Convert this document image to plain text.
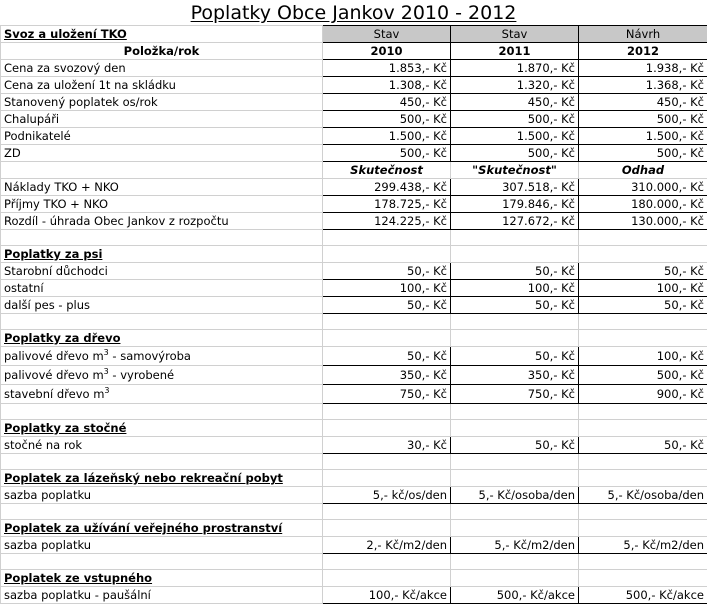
Poplatky Obce Jankov 2010 - 2012
Svoz a uložení TKO	Stav	Stav	Návrh
Položka/rok	2010	2011	2012
Cena za svozový den	1.853,- Kč	1.870,- Kč	1.938,- Kč
Cena za uložení 1t na skládku	1.308,- Kč	1.320,- Kč	1.368,- Kč
Stanovený poplatek os/rok	450,- Kč	450,- Kč	450,- Kč
Chalupáři	500,- Kč	500,- Kč	500,- Kč
Podnikatelé	1.500,- Kč	1.500,- Kč	1.500,- Kč
ZD	500,- Kč	500,- Kč	500,- Kč
	Skutečnost	"Skutečnost"	Odhad
Náklady TKO + NKO	299.438,- Kč	307.518,- Kč	310.000,- Kč
Příjmy TKO + NKO	178.725,- Kč	179.846,- Kč	180.000,- Kč
Rozdíl - úhrada Obec Jankov z rozpočtu	124.225,- Kč	127.672,- Kč	130.000,- Kč

Poplatky za psi			
Starobní důchodci	50,- Kč	50,- Kč	50,- Kč
ostatní	100,- Kč	100,- Kč	100,- Kč
další pes - plus	50,- Kč	50,- Kč	50,- Kč

Poplatky za dřevo			
palivové dřevo $m^3$ - samovýroba	50,- Kč	50,- Kč	100,- Kč
palivové dřevo $m^3$ - vyrobené	350,- Kč	350,- Kč	500,- Kč
stavební dřevo $m^3$	750,- Kč	750,- Kč	900,- Kč

Poplatky za stočné			
stočné na rok	30,- Kč	50,- Kč	50,- Kč

Poplatek za lázeňský nebo rekreační pobyt			
sazba poplatku	5,- kč/os/den	5,- Kč/osoba/den	5,- Kč/osoba/den

Poplatek za užívání veřejného prostranství			
sazba poplatku	2,- Kč/m2/den	5,- Kč/m2/den	5,- Kč/m2/den

Poplatek ze vstupného			
sazba poplatku - paušální	100,- Kč/akce	500,- Kč/akce	500,- Kč/akce
